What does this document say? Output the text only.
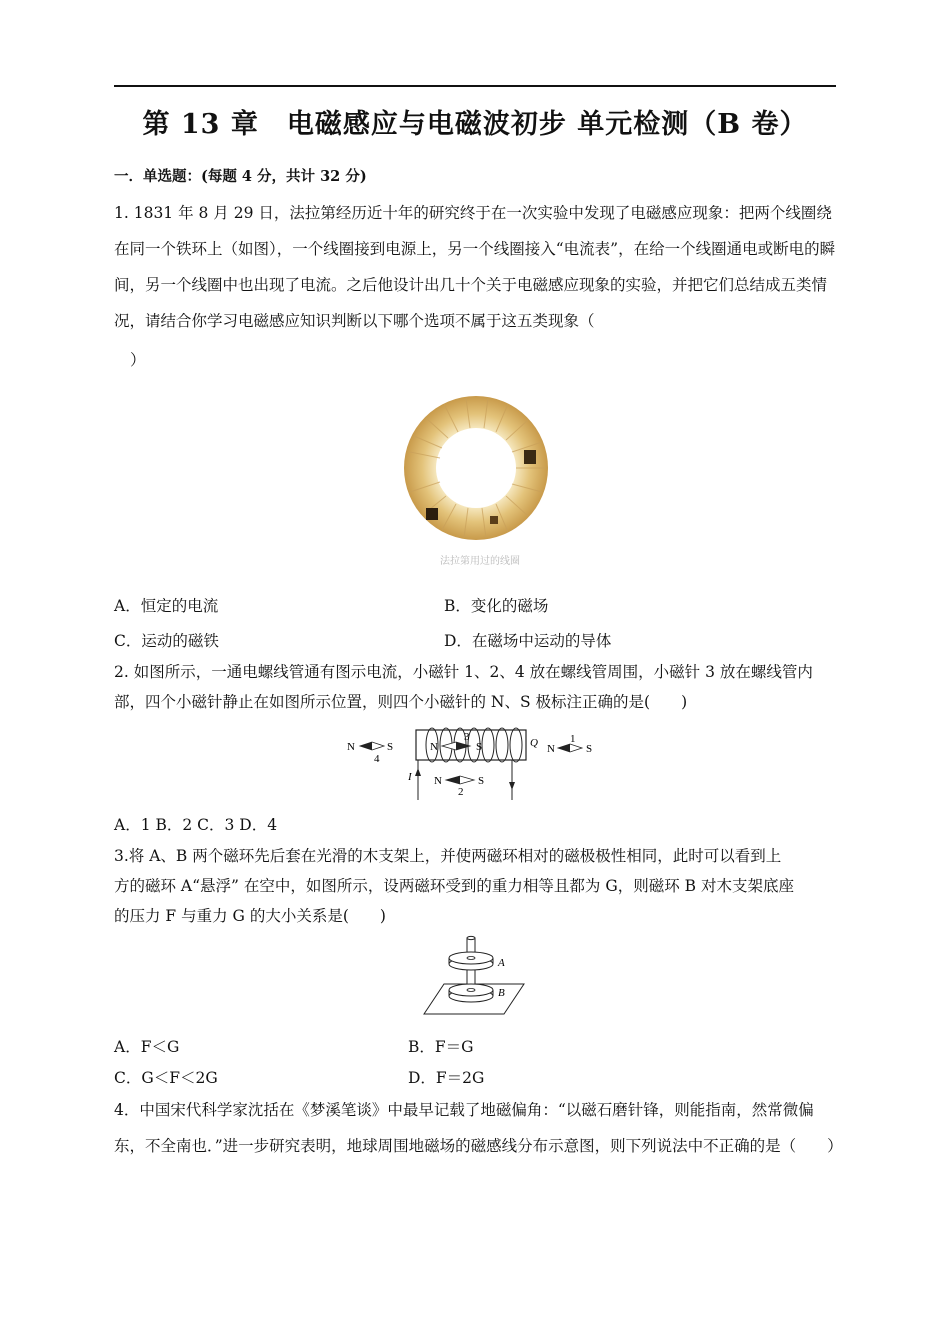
第 13 章　电磁感应与电磁波初步 单元检测（B 卷）
一．单选题：(每题 4 分，共计 32 分)
1. 1831 年 8 月 29 日，法拉第经历近十年的研究终于在一次实验中发现了电磁感应现象：把两个线圈绕在同一个铁环上（如图），一个线圈接到电源上，另一个线圈接入“电流表”，在给一个线圈通电或断电的瞬间，另一个线圈中也出现了电流。之后他设计出几十个关于电磁感应现象的实验，并把它们总结成五类情况，请结合你学习电磁感应知识判断以下哪个选项不属于这五类现象（
）
法拉第用过的线圈
A．恒定的电流	B．变化的磁场
C．运动的磁铁	D．在磁场中运动的导体
2. 如图所示，一通电螺线管通有图示电流，小磁针 1、2、4 放在螺线管周围，小磁针 3 放在螺线管内部，四个小磁针静止在如图所示位置，则四个小磁针的 N、S 极标注正确的是(　　)
N	S
4
N	S
3	Q N	S
1
I N	S
2
A．1 B．2 C．3 D．4
3.将 A、B 两个磁环先后套在光滑的木支架上，并使两磁环相对的磁极极性相同，此时可以看到上
方的磁环 A“悬浮” 在空中，如图所示，设两磁环受到的重力相等且都为 G，则磁环 B 对木支架底座
的压力 F 与重力 G 的大小关系是(　　)
A
B
A．F＜G	B．F＝G
C．G＜F＜2G	D．F＝2G
4．中国宋代科学家沈括在《梦溪笔谈》中最早记载了地磁偏角：“以磁石磨针锋，则能指南，然常微偏东，不全南也．”进一步研究表明，地球周围地磁场的磁感线分布示意图，则下列说法中不正确的是（　　）
